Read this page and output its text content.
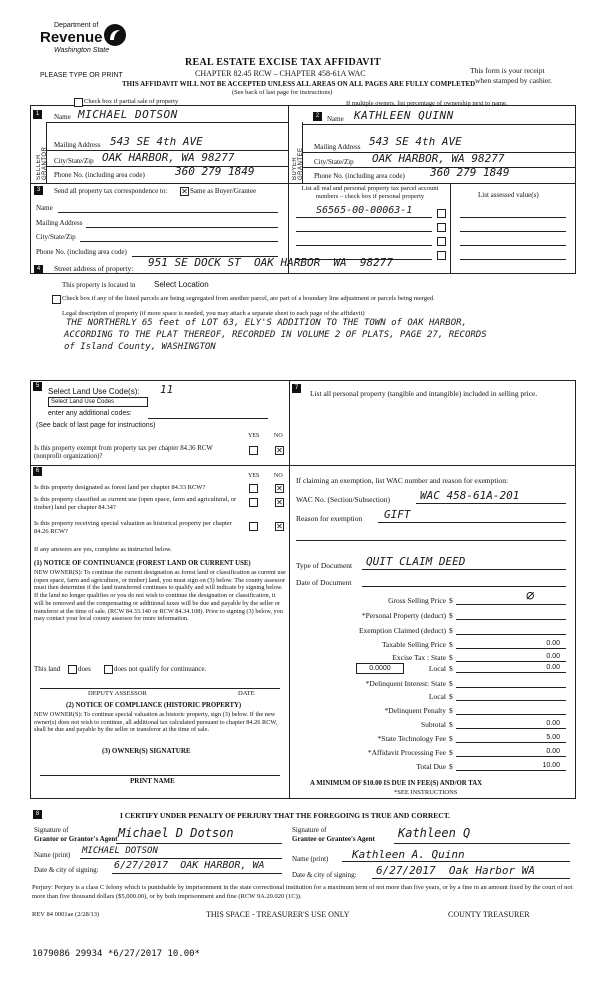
Department of
Revenue
Washington State
PLEASE TYPE OR PRINT
REAL ESTATE EXCISE TAX AFFIDAVIT
CHAPTER 82.45 RCW – CHAPTER 458-61A WAC
THIS AFFIDAVIT WILL NOT BE ACCEPTED UNLESS ALL AREAS ON ALL PAGES ARE FULLY COMPLETED
(See back of last page for instructions)
This form is your receipt
when stamped by cashier.
Check box if partial sale of property	If multiple owners, list percentage of ownership next to name.
1
SELLER GRANTOR
Name MICHAEL DOTSON
Mailing Address 543 SE 4th AVE
City/State/Zip OAK HARBOR, WA 98277
Phone No. (including area code)	360 279 1849
2
BUYER GRANTEE
Name KATHLEEN QUINN
Mailing Address 543 SE 4th AVE
City/State/Zip OAK HARBOR, WA 98277
Phone No. (including area code) 360 279 1849
3	Send all property tax correspondence to: ✕ Same as Buyer/Grantee
Name
Mailing Address
City/State/Zip
Phone No. (including area code)
List all real and personal property tax parcel account numbers – check box if personal property	List assessed value(s)
S6565-00-00063-1
4	Street address of property: 951 SE DOCK ST  OAK HARBOR  WA  98277
This property is located in Select Location
Check box if any of the listed parcels are being segregated from another parcel, are part of a boundary line adjustment or parcels being merged.
Legal description of property (if more space is needed, you may attach a separate sheet to each page of the affidavit)
THE NORTHERLY 65 feet of LOT 63, ELY'S ADDITION TO THE TOWN of OAK HARBOR,
ACCORDING TO THE PLAT THEREOF, RECORDED IN VOLUME 2 OF PLATS, PAGE 27, RECORDS
of Island County, WASHINGTON
5
Select Land Use Code(s): 11
Select Land Use Codes
enter any additional codes:
(See back of last page for instructions)
YES NO
Is this property exempt from property tax per chapter 84.36 RCW (nonprofit organization)?
✕
7
List all personal property (tangible and intangible) included in selling price.
6
YES NO
Is this property designated as forest land per chapter 84.33 RCW?	✕
Is this property classified as current use (open space, farm and agricultural, or timber) land per chapter 84.34?
✕
Is this property receiving special valuation as historical property per chapter 84.26 RCW?
✕
If any answers are yes, complete as instructed below.
(1) NOTICE OF CONTINUANCE (FOREST LAND OR CURRENT USE)
NEW OWNER(S): To continue the current designation as forest land or classification as current use (open space, farm and agriculture, or timber) land, you must sign on (3) below. The county assessor must then determine if the land transferred continues to qualify and will indicate by signing below. If the land no longer qualifies or you do not wish to continue the designation or classification, it will be removed and the compensating or additional taxes will be due and payable by the seller or transferor at the time of sale. (RCW 84.33.140 or RCW 84.34.108). Prior to signing (3) below, you may contact your local county assessor for more information.
This land	does	does not qualify for continuance.
DEPUTY ASSESSOR	DATE
(2) NOTICE OF COMPLIANCE (HISTORIC PROPERTY)
NEW OWNER(S): To continue special valuation as historic property, sign (3) below. If the new owner(s) does not wish to continue, all additional tax calculated pursuant to chapter 84.26 RCW, shall be due and payable by the seller or transferor at the time of sale.
(3) OWNER(S) SIGNATURE
PRINT NAME
If claiming an exemption, list WAC number and reason for exemption:
WAC No. (Section/Subsection)	WAC 458-61A-201
Reason for exemption GIFT
Type of Document QUIT CLAIM DEED
Date of Document
Gross Selling Price $	∅
*Personal Property (deduct) $
Exemption Claimed (deduct) $
Taxable Selling Price $	0.00
Excise Tax : State $	0.00
0.0000	Local $	0.00
*Delinquent Interest: State $
Local $
*Delinquent Penalty $
Subtotal $	0.00
*State Technology Fee $	5.00
*Affidavit Processing Fee $	0.00
Total Due $	10.00
A MINIMUM OF $10.00 IS DUE IN FEE(S) AND/OR TAX
*SEE INSTRUCTIONS
8	I CERTIFY UNDER PENALTY OF PERJURY THAT THE FOREGOING IS TRUE AND CORRECT.
Signature of
Grantor or Grantor's Agent Michael D Dotson
Name (print) MICHAEL DOTSON
Date & city of signing: 6/27/2017  OAK HARBOR, WA
Signature of
Grantee or Grantee's Agent Kathleen Q
Name (print) Kathleen A. Quinn
Date & city of signing: 6/27/2017  Oak Harbor WA
Perjury: Perjury is a class C felony which is punishable by imprisonment in the state correctional institution for a maximum term of not more than five years, or by a fine in an amount fixed by the court of not more than five thousand dollars ($5,000.00), or by both imprisonment and fine (RCW 9A.20.020 (1C)).
REV 84 0001ae (2/28/13)	THIS SPACE - TREASURER'S USE ONLY	COUNTY TREASURER
1079086 29934 *6/27/2017 10.00*
